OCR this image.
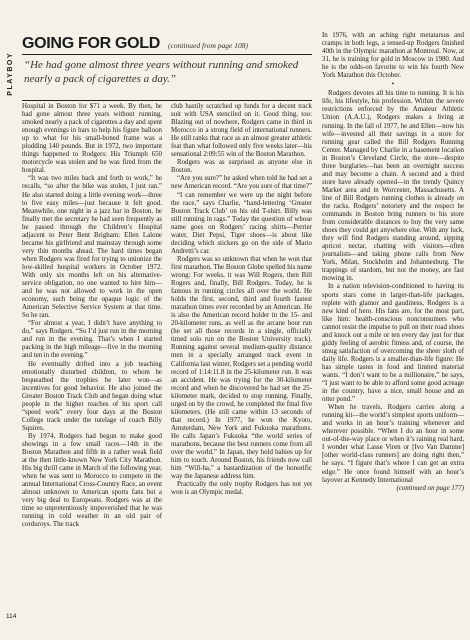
PLAYBOY
GOING FOR GOLD (continued from page 108)
“He had gone almost three years without running and smoked nearly a pack of cigarettes a day.”

Hospital in Boston for $71 a week. By then, he had gone almost three years without running, smoked nearly a pack of cigarettes a day and spent enough evenings in bars to help his figure balloon up to what for his small-boned frame was a plodding 140 pounds. But in 1972, two important things happened to Rodgers: His Triumph 650 motorcycle was stolen and he was fired from the hospital.

“It was two miles back and forth to work,” he recalls, “so after the bike was stolen, I just ran.” He also started doing a little evening work—three to five easy miles—just because it felt good. Meanwhile, one night in a jazz bar in Boston, he finally met the secretary he had seen frequently as he passed through the Children’s Hospital adjacent to Peter Bent Brigham: Ellen Lalone became his girlfriend and mainstay through some very thin months ahead. The hard times began when Rodgers was fired for trying to unionize the low-skilled hospital workers in October 1972. With only six months left on his alternative-service obligation, no one wanted to hire him—and he was not allowed to work in the open economy, such being the opaque logic of the American Selective Service System at that time. So he ran.

“For almost a year, I didn’t have anything to do,” says Rodgers. “So I’d just run in the morning and run in the evening. That’s when I started packing in the high mileage—five in the morning and ten in the evening.”

He eventually drifted into a job teaching emotionally disturbed children, to whom he bequeathed the trophies he later won—as incentives for good behavior. He also joined the Greater Boston Track Club and began doing what people in the higher reaches of his sport call “speed work” every four days at the Boston College track under the tutelage of coach Billy Squires.

By 1974, Rodgers had begun to make good showings in a few small races—14th in the Boston Marathon and fifth in a rather weak field at the then little-known New York City Marathon. His big thrill came in March of the following year, when he was sent to Morocco to compete in the annual International Cross-Country Race, an event almost unknown to American sports fans but a very big deal to Europeans. Rodgers was at the time so unpretentiously impoverished that he was running in cold weather in an old pair of corduroys. The track

club hastily scratched up funds for a decent track suit with USA stenciled on it. Good thing, too: Blazing out of nowhere, Rodgers came in third in Morocco in a strong field of international runners. He still ranks that race as an almost greater athletic feat than what followed only five weeks later—his sensational 2:09:55 win of the Boston Marathon.

Rodgers was as surprised as anyone else in Boston.

“Are you sure?” he asked when told he had set a new American record. “Are you sure of that time?”

“I can remember we were up the night before the race,” says Charlie, “hand-lettering ‘Greater Boston Track Club’ on his old T-shirt. Billy was still running in rags.” Today the question of whose name goes on Rodgers’ racing shirts—Perrier water, Diet Pepsi, Tiger shoes—is about like deciding which stickers go on the side of Mario Andretti’s car.

Rodgers was so unknown that when he won that first marathon, The Boston Globe spelled his name wrong: For weeks, it was Will Rogers, then Bill Rogers and, finally, Bill Rodgers. Today, he is famous in running circles all over the world. He holds the first, second, third and fourth fastest marathon times ever recorded by an American. He is also the American record holder in the 15- and 20-kilometer runs, as well as the arcane hour run (he set all those records in a single, officially timed solo run on the Boston University track). Running against several medium-quality distance men in a specially arranged track event in California last winter, Rodgers set a pending world record of 1:14:11.8 in the 25-kilometer run. It was an accident. He was trying for the 30-kilometer record and when he discovered he had set the 25-kilometer mark, decided to stop running. Finally, urged on by the crowd, he completed the final five kilometers. (He still came within 13 seconds of that record.) In 1977, he won the Kyoto, Amsterdam, New York and Fukuoka marathons. He calls Japan’s Fukuoka “the world series of marathons, because the best runners come from all over the world.” In Japan, they hold babies up for him to touch. Around Boston, his friends now call him “Will-ha,” a bastardization of the honorific way the Japanese address him.

Practically the only trophy Rodgers has not yet won is an Olympic medal.

In 1976, with an aching right metatarsus and cramps in both legs, a tensed-up Rodgers finished 40th in the Olympic marathon at Montreal. Now, at 31, he is training for gold in Moscow in 1980. And he is the odds-on favorite to win his fourth New York Marathon this October.

•

Rodgers devotes all his time to running. It is his life, his lifestyle, his profession. Within the severe restrictions enforced by the Amateur Athletic Union (A.A.U.), Rodgers makes a living at running. In the fall of 1977, he and Ellen—now his wife—invested all their savings in a store for running gear called the Bill Rodgers Running Center. Managed by Charlie in a basement location in Boston’s Cleveland Circle, the store—despite three burglaries—has been an overnight success and may become a chain. A second and a third store have already opened—in the trendy Quincy Market area and in Worcester, Massachusetts. A line of Bill Rodgers running clothes is already on the racks. Rodgers’ notoriety and the respect he commands in Boston bring runners to his store from considerable distances to buy the very same shoes they could get anywhere else. With any luck, they will find Rodgers standing around, sipping apricot nectar, chatting with visitors—often journalists—and taking phone calls from New York, Milan, Stockholm and Johannesburg. The trappings of stardom, but not the money, are fast mowing in.

In a nation television-conditioned to having its sports stars come in larger-than-life packages, replete with glamor and gaudiness, Rodgers is a new kind of hero. His fans are, for the most part, like him: health-conscious nonconsumers who cannot resist the impulse to pull on their road shoes and knock out a mile or ten every day just for that giddy feeling of aerobic fitness and, of course, the smug satisfaction of overcoming the sheer sloth of daily life. Rodgers is a smaller-than-life figure: He has simple tastes in food and limited material wants. “I don’t want to be a millionaire,” he says, “I just want to be able to afford some good acreage in the country, have a nice, small house and an otter pond.”

When he travels, Rodgers carries along a running kit—the world’s simplest sports uniform—and works in an hour’s training whenever and wherever possible. “When I do an hour in some out-of-the-way place or when it’s raining real hard, I wonder what Lasse Viren or [Ivo Van Damme] [other world-class runners] are doing right then,” he says. “I figure that’s where I can get an extra edge.” He once found himself with an hour’s layover at Kennedy International

(continued on page 177)

114
